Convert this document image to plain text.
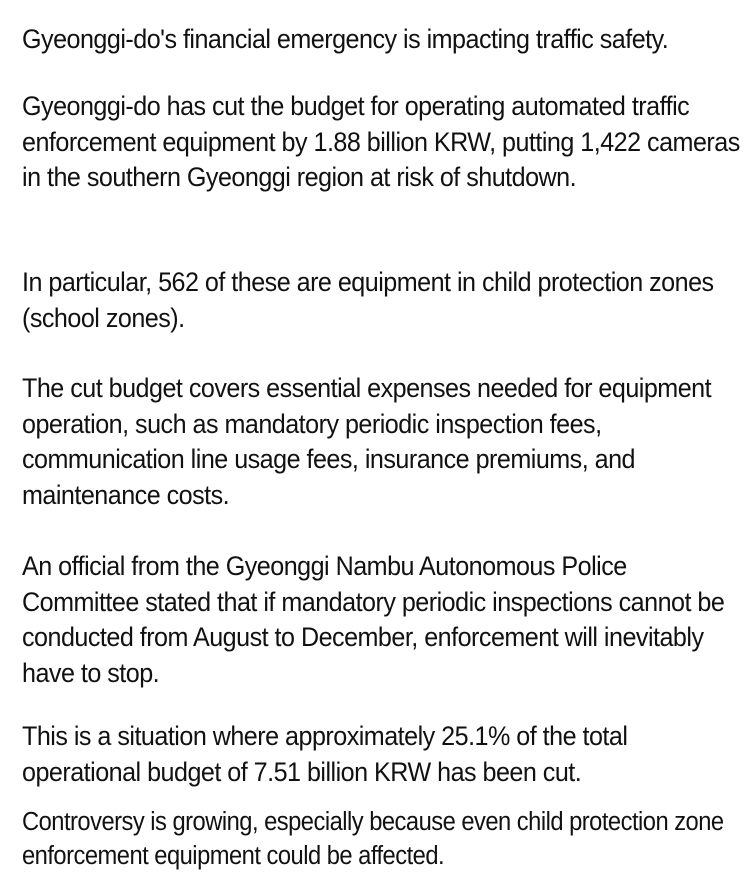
Gyeonggi-do's financial emergency is impacting traffic safety.

Gyeonggi-do has cut the budget for operating automated traffic enforcement equipment by 1.88 billion KRW, putting 1,422 cameras in the southern Gyeonggi region at risk of shutdown.

In particular, 562 of these are equipment in child protection zones (school zones).

The cut budget covers essential expenses needed for equipment operation, such as mandatory periodic inspection fees, communication line usage fees, insurance premiums, and maintenance costs.

An official from the Gyeonggi Nambu Autonomous Police Committee stated that if mandatory periodic inspections cannot be conducted from August to December, enforcement will inevitably have to stop.

This is a situation where approximately 25.1% of the total operational budget of 7.51 billion KRW has been cut.

Controversy is growing, especially because even child protection zone enforcement equipment could be affected.
